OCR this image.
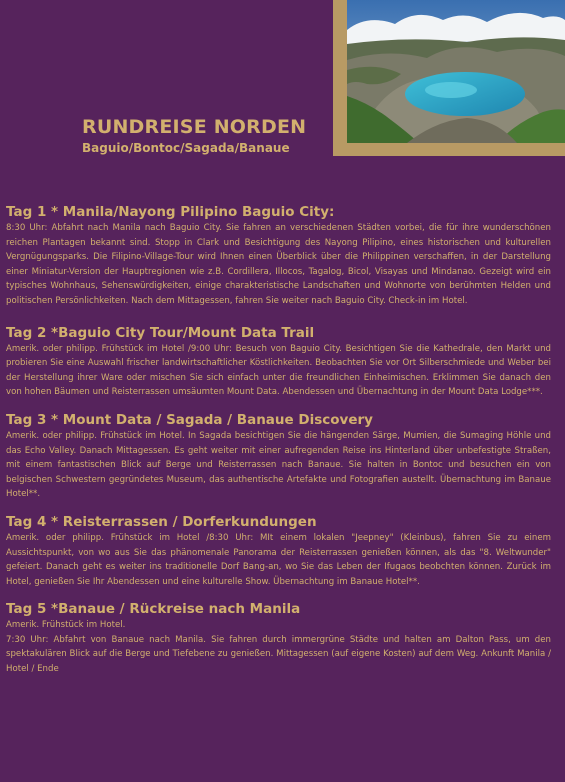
RUNDREISE NORDEN
Baguio/Bontoc/Sagada/Banaue
Tag 1 * Manila/Nayong Pilipino Baguio City:

8:30 Uhr: Abfahrt nach Manila nach Baguio City. Sie fahren an verschiedenen Städten vorbei, die für ihre wunderschönen reichen Plantagen bekannt sind. Stopp in Clark und Besichtigung des Nayong Pilipino, eines historischen und kulturellen Vergnügungsparks. Die Filipino-Village-Tour wird Ihnen einen Überblick über die Philippinen verschaffen, in der Darstellung einer Miniatur-Version der Hauptregionen wie z.B. Cordillera, Illocos, Tagalog, Bicol, Visayas und Mindanao. Gezeigt wird ein typisches Wohnhaus, Sehenswürdigkeiten, einige charakteristische Landschaften und Wohnorte von berühmten Helden und politischen Persönlichkeiten. Nach dem Mittagessen, fahren Sie weiter nach Baguio City. Check-in im Hotel.

Tag 2 *Baguio City Tour/Mount Data Trail

Amerik. oder philipp. Frühstück im Hotel /9:00 Uhr: Besuch von Baguio City. Besichtigen Sie die Kathedrale, den Markt und probieren Sie eine Auswahl frischer landwirtschaftlicher Köstlichkeiten. Beobachten Sie vor Ort Silberschmiede und Weber bei der Herstellung ihrer Ware oder mischen Sie sich einfach unter die freundlichen Einheimischen. Erklimmen Sie danach den von hohen Bäumen und Reisterrassen umsäumten Mount Data. Abendessen und Übernachtung in der Mount Data Lodge***.

Tag 3 * Mount Data / Sagada / Banaue Discovery

Amerik. oder philipp. Frühstück im Hotel. In Sagada besichtigen Sie die hängenden Särge, Mumien, die Sumaging Höhle und das Echo Valley. Danach Mittagessen. Es geht weiter mit einer aufregenden Reise ins Hinterland über unbefestigte Straßen, mit einem fantastischen Blick auf Berge und Reisterrassen nach Banaue. Sie halten in Bontoc und besuchen ein von belgischen Schwestern gegründetes Museum, das authentische Artefakte und Fotografien austellt. Übernachtung im Banaue Hotel**.

Tag 4 * Reisterrassen / Dorferkundungen

Amerik. oder philipp. Frühstück im Hotel /8:30 Uhr: MIt einem lokalen "Jeepney" (Kleinbus), fahren Sie zu einem Aussichtspunkt, von wo aus Sie das phänomenale Panorama der Reisterrassen genießen können, als das "8. Weltwunder" gefeiert. Danach geht es weiter ins traditionelle Dorf Bang-an, wo Sie das Leben der Ifugaos beobchten können. Zurück im Hotel, genießen Sie Ihr Abendessen und eine kulturelle Show. Übernachtung im Banaue Hotel**.

Tag 5 *Banaue / Rückreise nach Manila

Amerik. Frühstück im Hotel.
7:30 Uhr: Abfahrt von Banaue nach Manila. Sie fahren durch immergrüne Städte und halten am Dalton Pass, um den spektakulären Blick auf die Berge und Tiefebene zu genießen. Mittagessen (auf eigene Kosten) auf dem Weg. Ankunft Manila / Hotel / Ende
